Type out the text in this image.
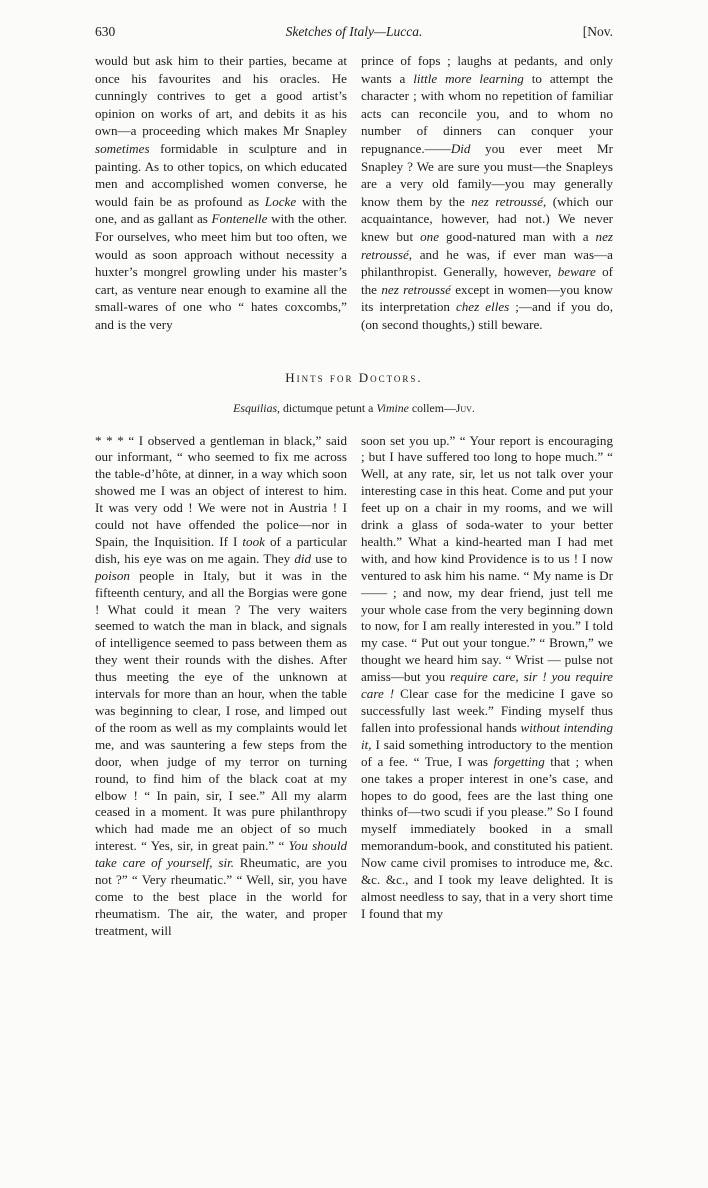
630	Sketches of Italy—Lucca.	[Nov.
would but ask him to their parties, became at once his favourites and his oracles. He cunningly contrives to get a good artist’s opinion on works of art, and debits it as his own—a proceeding which makes Mr Snapley sometimes formidable in sculpture and in painting. As to other topics, on which educated men and accomplished women converse, he would fain be as profound as Locke with the one, and as gallant as Fontenelle with the other. For ourselves, who meet him but too often, we would as soon approach without necessity a huxter’s mongrel growling under his master’s cart, as venture near enough to examine all the small-wares of one who “ hates coxcombs,” and is the very
prince of fops ; laughs at pedants, and only wants a little more learning to attempt the character ; with whom no repetition of familiar acts can reconcile you, and to whom no number of dinners can conquer your repugnance.——Did you ever meet Mr Snapley ? We are sure you must—the Snapleys are a very old family—you may generally know them by the nez retroussé, (which our acquaintance, however, had not.) We never knew but one good-natured man with a nez retroussé, and he was, if ever man was—a philanthropist. Generally, however, beware of the nez retroussé except in women—you know its interpretation chez elles ;—and if you do, (on second thoughts,) still beware.
Hints for Doctors.
Esquilias, dictumque petunt a Vimine collem—Juv.
* * * “ I observed a gentleman in black,” said our informant, “ who seemed to fix me across the table-d’hôte, at dinner, in a way which soon showed me I was an object of interest to him. It was very odd ! We were not in Austria ! I could not have offended the police—nor in Spain, the Inquisition. If I took of a particular dish, his eye was on me again. They did use to poison people in Italy, but it was in the fifteenth century, and all the Borgias were gone ! What could it mean ? The very waiters seemed to watch the man in black, and signals of intelligence seemed to pass between them as they went their rounds with the dishes. After thus meeting the eye of the unknown at intervals for more than an hour, when the table was beginning to clear, I rose, and limped out of the room as well as my complaints would let me, and was sauntering a few steps from the door, when judge of my terror on turning round, to find him of the black coat at my elbow ! “ In pain, sir, I see.” All my alarm ceased in a moment. It was pure philanthropy which had made me an object of so much interest. “ Yes, sir, in great pain.” “ You should take care of yourself, sir. Rheumatic, are you not ?” “ Very rheumatic.” “ Well, sir, you have come to the best place in the world for rheumatism. The air, the water, and proper treatment, will
soon set you up.” “ Your report is encouraging ; but I have suffered too long to hope much.” “ Well, at any rate, sir, let us not talk over your interesting case in this heat. Come and put your feet up on a chair in my rooms, and we will drink a glass of soda-water to your better health.” What a kind-hearted man I had met with, and how kind Providence is to us ! I now ventured to ask him his name. “ My name is Dr —— ; and now, my dear friend, just tell me your whole case from the very beginning down to now, for I am really interested in you.” I told my case. “ Put out your tongue.” “ Brown,” we thought we heard him say. “ Wrist — pulse not amiss—but you require care, sir ! you require care ! Clear case for the medicine I gave so successfully last week.” Finding myself thus fallen into professional hands without intending it, I said something introductory to the mention of a fee. “ True, I was forgetting that ; when one takes a proper interest in one’s case, and hopes to do good, fees are the last thing one thinks of—two scudi if you please.” So I found myself immediately booked in a small memorandum-book, and constituted his patient. Now came civil promises to introduce me, &c. &c. &c., and I took my leave delighted. It is almost needless to say, that in a very short time I found that my
